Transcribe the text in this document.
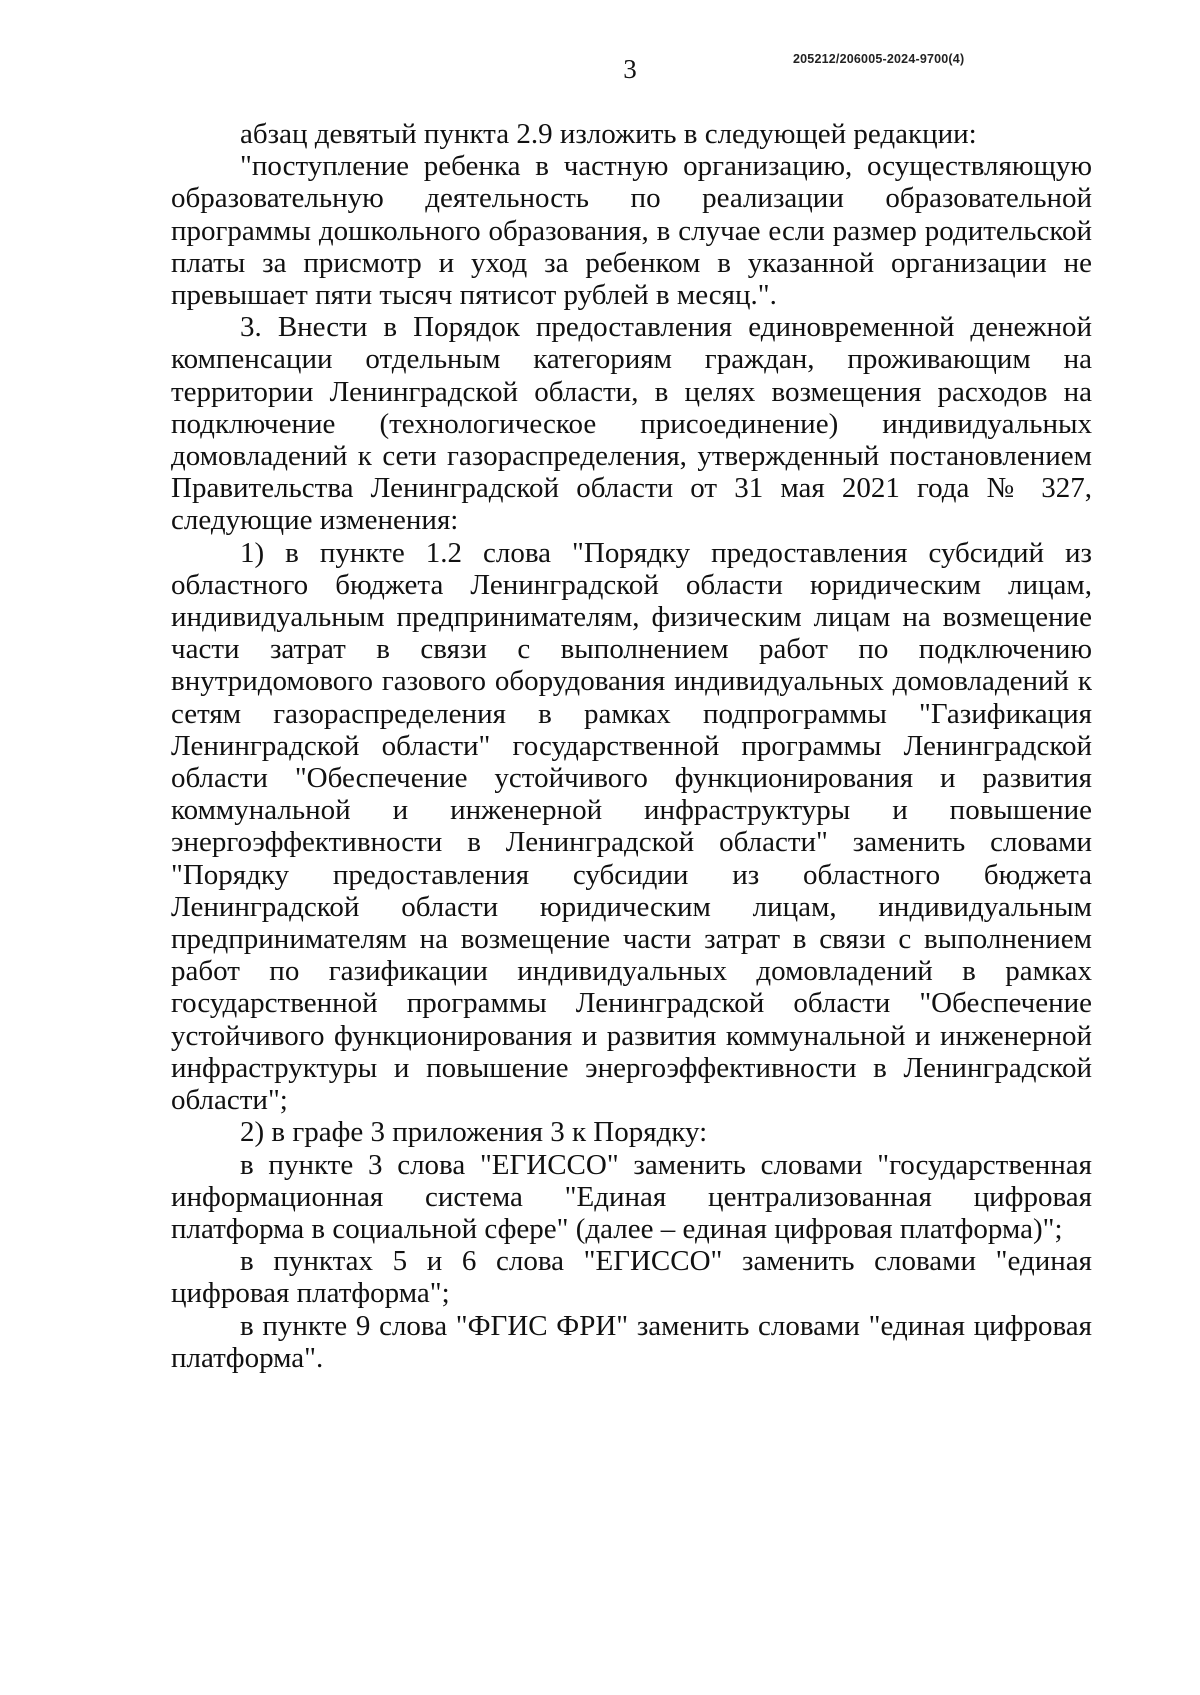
205212/206005-2024-9700(4)
3

абзац девятый пункта 2.9 изложить в следующей редакции:

"поступление ребенка в частную организацию, осуществляющую образовательную деятельность по реализации образовательной программы дошкольного образования, в случае если размер родительской платы за присмотр и уход за ребенком в указанной организации не превышает пяти тысяч пятисот рублей в месяц.".

3. Внести в Порядок предоставления единовременной денежной компенсации отдельным категориям граждан, проживающим на территории Ленинградской области, в целях возмещения расходов на подключение (технологическое присоединение) индивидуальных домовладений к сети газораспределения, утвержденный постановлением Правительства Ленинградской области от 31 мая 2021 года № 327, следующие изменения:

1) в пункте 1.2 слова "Порядку предоставления субсидий из областного бюджета Ленинградской области юридическим лицам, индивидуальным предпринимателям, физическим лицам на возмещение части затрат в связи с выполнением работ по подключению внутридомового газового оборудования индивидуальных домовладений к сетям газораспределения в рамках подпрограммы "Газификация Ленинградской области" государственной программы Ленинградской области "Обеспечение устойчивого функционирования и развития коммунальной и инженерной инфраструктуры и повышение энергоэффективности в Ленинградской области" заменить словами "Порядку предоставления субсидии из областного бюджета Ленинградской области юридическим лицам, индивидуальным предпринимателям на возмещение части затрат в связи с выполнением работ по газификации индивидуальных домовладений в рамках государственной программы Ленинградской области "Обеспечение устойчивого функционирования и развития коммунальной и инженерной инфраструктуры и повышение энергоэффективности в Ленинградской области";

2) в графе 3 приложения 3 к Порядку:

в пункте 3 слова "ЕГИССО" заменить словами "государственная информационная система "Единая централизованная цифровая платформа в социальной сфере" (далее – единая цифровая платформа)";

в пунктах 5 и 6 слова "ЕГИССО" заменить словами "единая цифровая платформа";

в пункте 9 слова "ФГИС ФРИ" заменить словами "единая цифровая платформа".
